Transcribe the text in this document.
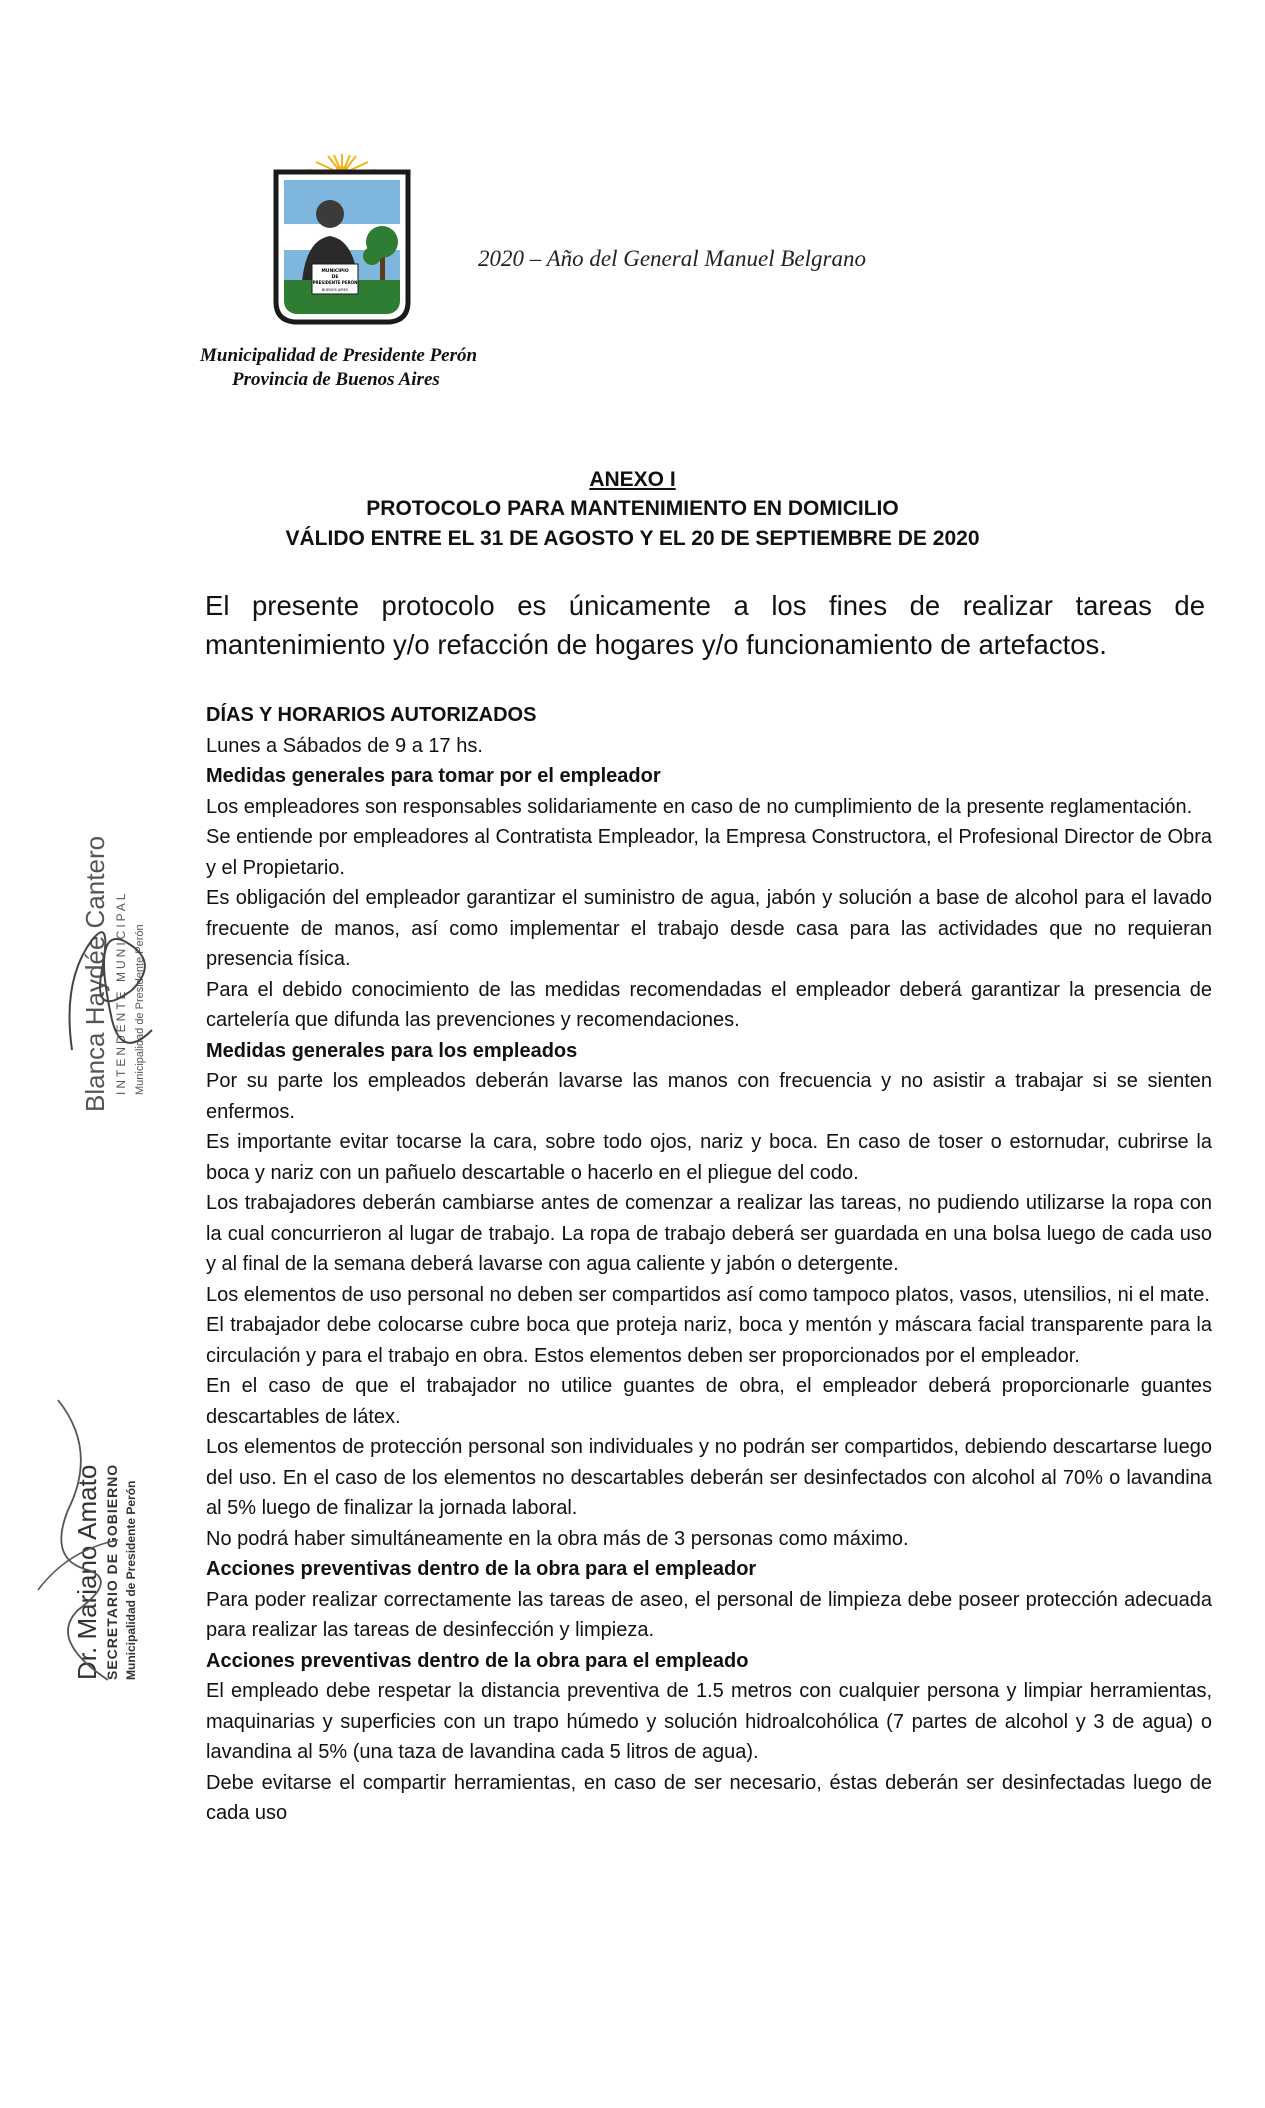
MUNICIPIO
DE
PRESIDENTE PERÓN
BUENOS AIRES
2020 – Año del General Manuel Belgrano
Municipalidad de Presidente Perón
Provincia de Buenos Aires
ANEXO I
PROTOCOLO PARA MANTENIMIENTO EN DOMICILIO
VÁLIDO ENTRE EL 31 DE AGOSTO Y EL 20 DE SEPTIEMBRE DE 2020
El presente protocolo es únicamente a los fines de realizar tareas de mantenimiento y/o refacción de hogares y/o funcionamiento de artefactos.

DÍAS Y HORARIOS AUTORIZADOS

Lunes a Sábados de 9 a 17 hs.

Medidas generales para tomar por el empleador

Los empleadores son responsables solidariamente en caso de no cumplimiento de la presente reglamentación.

Se entiende por empleadores al Contratista Empleador, la Empresa Constructora, el Profesional Director de Obra y el Propietario.

Es obligación del empleador garantizar el suministro de agua, jabón y solución a base de alcohol para el lavado frecuente de manos, así como implementar el trabajo desde casa para las actividades que no requieran presencia física.

Para el debido conocimiento de las medidas recomendadas el empleador deberá garantizar la presencia de cartelería que difunda las prevenciones y recomendaciones.

Medidas generales para los empleados

Por su parte los empleados deberán lavarse las manos con frecuencia y no asistir a trabajar si se sienten enfermos.

Es importante evitar tocarse la cara, sobre todo ojos, nariz y boca. En caso de toser o estornudar, cubrirse la boca y nariz con un pañuelo descartable o hacerlo en el pliegue del codo.

Los trabajadores deberán cambiarse antes de comenzar a realizar las tareas, no pudiendo utilizarse la ropa con la cual concurrieron al lugar de trabajo. La ropa de trabajo deberá ser guardada en una bolsa luego de cada uso y al final de la semana deberá lavarse con agua caliente y jabón o detergente.

Los elementos de uso personal no deben ser compartidos así como tampoco platos, vasos, utensilios, ni el mate.

El trabajador debe colocarse cubre boca que proteja nariz, boca y mentón y máscara facial transparente para la circulación y para el trabajo en obra. Estos elementos deben ser proporcionados por el empleador.

En el caso de que el trabajador no utilice guantes de obra, el empleador deberá proporcionarle guantes descartables de látex.

Los elementos de protección personal son individuales y no podrán ser compartidos, debiendo descartarse luego del uso. En el caso de los elementos no descartables deberán ser desinfectados con alcohol al 70% o lavandina al 5% luego de finalizar la jornada laboral.

No podrá haber simultáneamente en la obra más de 3 personas como máximo.

Acciones preventivas dentro de la obra para el empleador

Para poder realizar correctamente las tareas de aseo, el personal de limpieza debe poseer protección adecuada para realizar las tareas de desinfección y limpieza.

Acciones preventivas dentro de la obra para el empleado

El empleado debe respetar la distancia preventiva de 1.5 metros con cualquier persona y limpiar herramientas, maquinarias y superficies con un trapo húmedo y solución hidroalcohólica (7 partes de alcohol y 3 de agua) o lavandina al 5% (una taza de lavandina cada 5 litros de agua).

Debe evitarse el compartir herramientas, en caso de ser necesario, éstas deberán ser desinfectadas luego de cada uso

Blanca Haydée Cantero INTENDENTE MUNICIPAL Municipalidad de Presidente Perón
Dr. Mariano Amato SECRETARIO DE GOBIERNO Municipalidad de Presidente Perón
